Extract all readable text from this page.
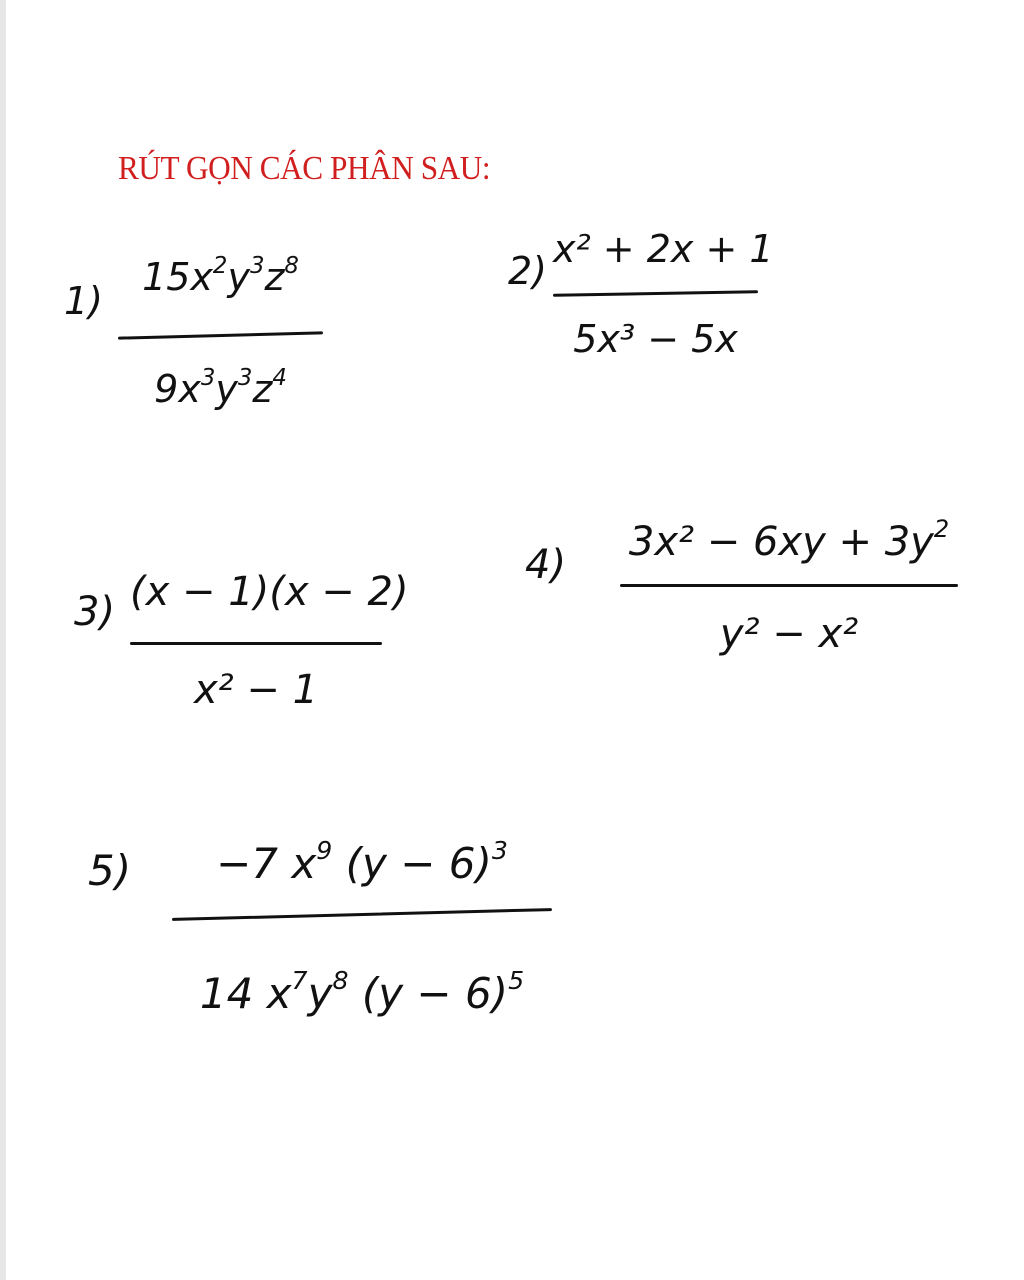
RÚT GỌN CÁC PHÂN SAU:
1)
$15x^2y^3z^8$
$9x^3y^3z^4$
2) x² + 2x + 1
5x³ − 5x
3) (x − 1)(x − 2)
x² − 1
4) $3x^2 - 6xy + 3y^2$
y² − x²
5)	−7 $x^9$ $(y - 6)^3$
14 $x^7y^8$ $(y - 6)^5$
